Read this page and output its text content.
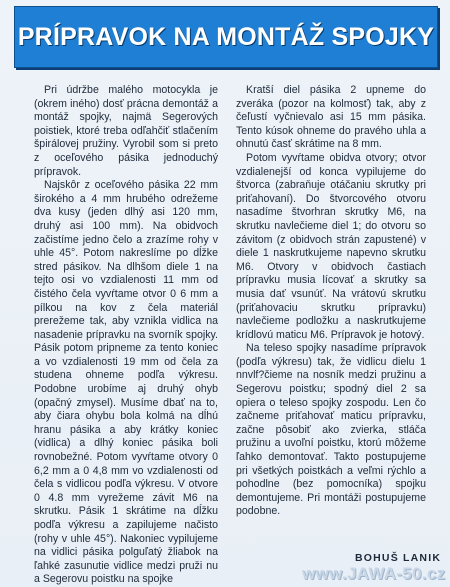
PRÍPRAVOK NA MONTÁŽ SPOJKY

Pri údržbe malého motocykla je (okrem iného) dosť prácna demontáž a montáž spojky, najmä Segerových poistiek, ktoré treba odľahčiť stlačením špirálovej pružiny. Vyrobil som si preto z oceľového pásika jednoduchý prípravok.

Najskôr z oceľového pásika 22 mm širokého a 4 mm hrubého odrežeme dva kusy (jeden dlhý asi 120 mm, druhý asi 100 mm). Na obidvoch začistíme jedno čelo a zrazíme rohy v uhle 45°. Potom nakreslíme po dĺžke stred pásikov. Na dlhšom diele 1 na tejto osi vo vzdialenosti 11 mm od čistého čela vyvŕtame otvor 0 6 mm a pílkou na kov z čela materiál prerežeme tak, aby vznikla vidlica na nasadenie prípravku na svorník spojky. Pásik potom pripneme za tento koniec a vo vzdialenosti 19 mm od čela za studena ohneme podľa výkresu. Podobne urobíme aj druhý ohyb (opačný zmysel). Musíme dbať na to, aby čiara ohybu bola kolmá na dĺhú hranu pásika a aby krátky koniec (vidlica) a dlhý koniec pásika boli rovnobežné. Potom vyvŕtame otvory 0 6,2 mm a 0 4,8 mm vo vzdialenosti od čela s vidlicou podľa výkresu. V otvore 0 4.8 mm vyrežeme závit M6 na skrutku. Pásik 1 skrátime na dĺžku podľa výkresu a zapilujeme načisto (rohy v uhle 45°). Nakoniec vypilujeme na vidlici pásika polguľatý žliabok na ľahké zasunutie vidlice medzi pruži nu a Segerovu poistku na spojke

Kratší diel pásika 2 upneme do zveráka (pozor na kolmosť) tak, aby z čeľustí vyčnievalo asi 15 mm pásika. Tento kúsok ohneme do pravého uhla a ohnutú časť skrátime na 8 mm.

Potom vyvŕtame obidva otvory; otvor vzdialenejší od konca vypilujeme do štvorca (zabraňuje otáčaniu skrutky pri priťahovaní). Do štvorcového otvoru nasadíme štvorhran skrutky M6, na skrutku navlečieme diel 1; do otvoru so závitom (z obidvoch strán zapustené) v diele 1 naskrutkujeme napevno skrutku M6. Otvory v obidvoch častiach prípravku musia lícovať a skrutky sa musia dať vsunúť. Na vrátovú skrutku (priťahovaciu skrutku prípravku) navlečieme podložku a naskrutkujeme krídlovú maticu M6. Prípravok je hotový.

Na teleso spojky nasadíme prípravok (podľa výkresu) tak, že vidlicu dielu 1 nnvlf?čieme na nosník medzi pružinu a Segerovu poistku; spodný diel 2 sa opiera o teleso spojky zospodu. Len čo začneme priťahovať maticu prípravku, začne pôsobiť ako zvierka, stláča pružinu a uvoľní poistku, ktorú môžeme ľahko demontovať. Takto postupujeme pri všetkých poistkách a veľmi rýchlo a pohodlne (bez pomocníka) spojku demontujeme. Pri montáži postupujeme podobne.

BOHUŠ LANIK
www.JAWA-50.cz
